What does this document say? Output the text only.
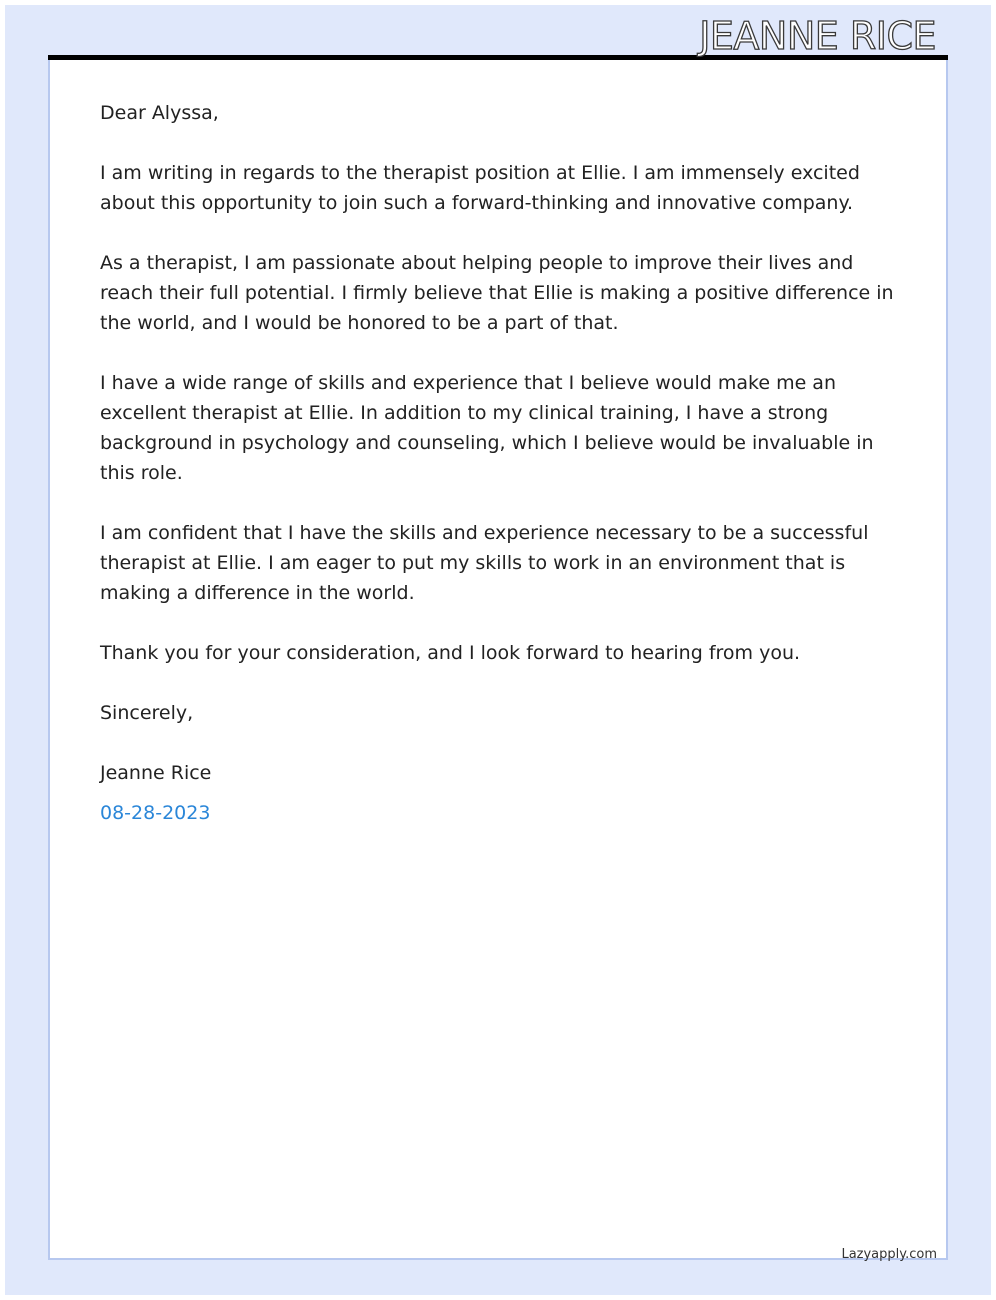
JEANNE RICE

Dear Alyssa,

I am writing in regards to the therapist position at Ellie. I am immensely excited about this opportunity to join such a forward-thinking and innovative company.

As a therapist, I am passionate about helping people to improve their lives and reach their full potential. I firmly believe that Ellie is making a positive difference in the world, and I would be honored to be a part of that.

I have a wide range of skills and experience that I believe would make me an excellent therapist at Ellie. In addition to my clinical training, I have a strong background in psychology and counseling, which I believe would be invaluable in this role.

I am confident that I have the skills and experience necessary to be a successful therapist at Ellie. I am eager to put my skills to work in an environment that is making a difference in the world.

Thank you for your consideration, and I look forward to hearing from you.

Sincerely,

Jeanne Rice

08-28-2023

Lazyapply.com
